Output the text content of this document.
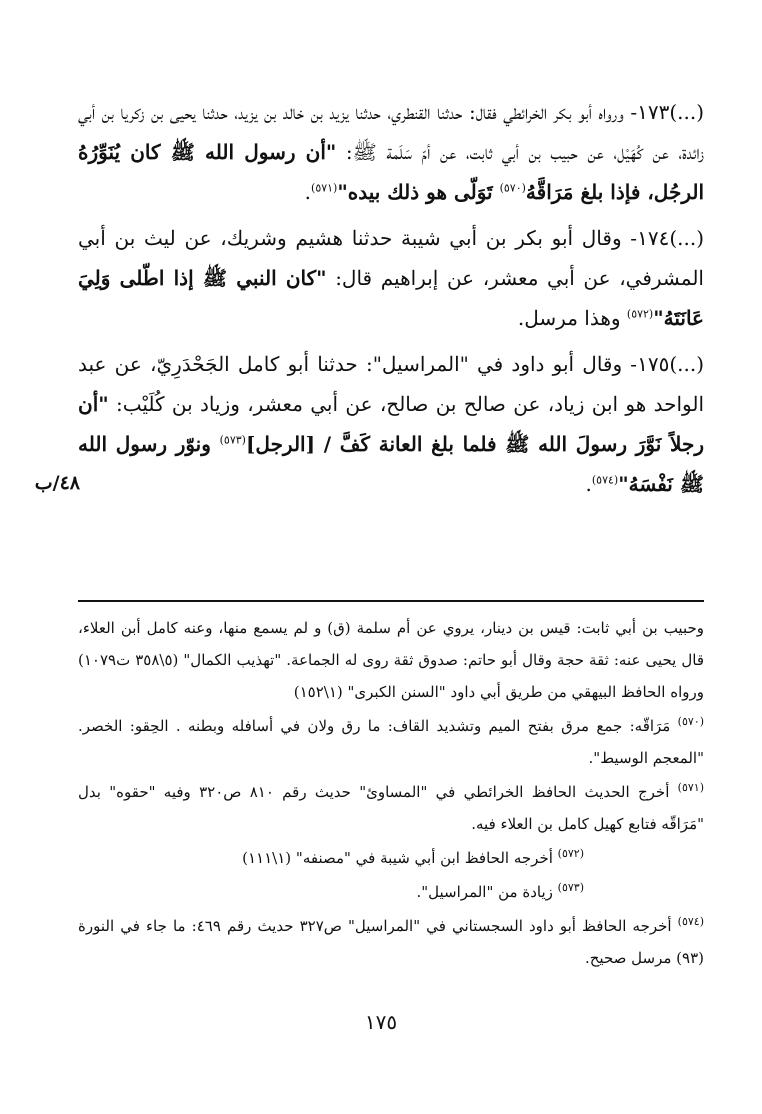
(...)١٧٣- ورواه أبو بكر الخرائطي فقال: حدثنا القنطري، حدثنا يزيد بن خالد بن يزيد، حدثنا يحيى بن زكريا بن أبي زائدة، عن كُهَيْل، عن حبيب بن أبي ثابت، عن أمّ سَلَمة ﷺ: "أن رسول الله ﷺ كان يُنَوِّرُهُ الرجُل، فإذا بلغ مَرَاقَّهُ$^{(٥٧٠)}$ تَوَلّى هو ذلك بيده"$^{(٥٧١)}$.

(...)١٧٤- وقال أبو بكر بن أبي شيبة حدثنا هشيم وشريك، عن ليث بن أبي المشرفي، عن أبي معشر، عن إبراهيم قال: "كان النبي ﷺ إذا اطّلى وَلِيَ عَانَتَهُ"$^{(٥٧٢)}$ وهذا مرسل.

(...)١٧٥- وقال أبو داود في "المراسيل": حدثنا أبو كامل الجَحْدَرِيّ، عن عبد الواحد هو ابن زياد، عن صالح بن صالح، عن أبي معشر، وزياد بن كُلَيْب: "أن رجلاً نَوَّرَ رسولَ الله ﷺ فلما بلغ العانة كَفَّ / [الرجل]$^{(٥٧٣)}$ ونوّر رسول الله ﷺ نَفْسَهُ"$^{(٥٧٤)}$.

٤٨/ب

وحبيب بن أبي ثابت: قيس بن دينار، يروي عن أم سلمة (ق) و لم يسمع منها، وعنه كامل أبن العلاء، قال يحيى عنه: ثقة حجة وقال أبو حاتم: صدوق ثقة روى له الجماعة. "تهذيب الكمال" (٥\٣٥٨ ت١٠٧٩) ورواه الحافظ البيهقي من طريق أبي داود "السنن الكبرى" (١\١٥٢)

$^{(٥٧٠)}$ مَرَاقّه: جمع مرق بفتح الميم وتشديد القاف: ما رق ولان في أسافله وبطنه . الحِقو: الخصر. "المعجم الوسيط".

$^{(٥٧١)}$ أخرج الحديث الحافظ الخرائطي في "المساوئ" حديث رقم ٨١٠ ص٣٢٠ وفيه "حقوه" بدل "مَرَاقّه فتابع كهيل كامل بن العلاء فيه.

$^{(٥٧٢)}$ أخرجه الحافظ ابن أبي شيبة في "مصنفه" (١\١١١)

$^{(٥٧٣)}$ زيادة من "المراسيل".

$^{(٥٧٤)}$ أخرجه الحافظ أبو داود السجستاني في "المراسيل" ص٣٢٧ حديث رقم ٤٦٩: ما جاء في النورة (٩٣) مرسل صحيح.

١٧٥
